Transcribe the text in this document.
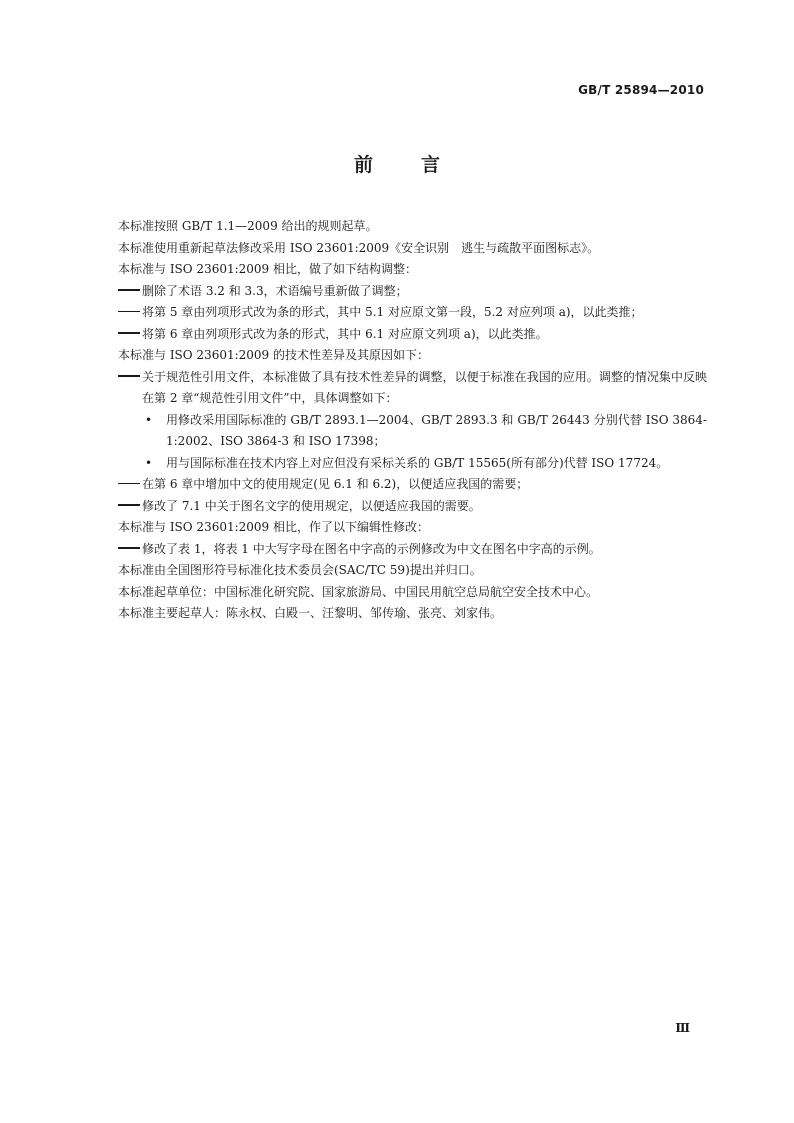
GB/T 25894—2010
前言

本标准按照 GB/T 1.1—2009 给出的规则起草。

本标准使用重新起草法修改采用 ISO 23601:2009《安全识别　逃生与疏散平面图标志》。

本标准与 ISO 23601:2009 相比，做了如下结构调整：

删除了术语 3.2 和 3.3，术语编号重新做了调整；

将第 5 章由列项形式改为条的形式，其中 5.1 对应原文第一段，5.2 对应列项 a)，以此类推；

将第 6 章由列项形式改为条的形式，其中 6.1 对应原文列项 a)，以此类推。

本标准与 ISO 23601:2009 的技术性差异及其原因如下：

关于规范性引用文件，本标准做了具有技术性差异的调整，以便于标准在我国的应用。调整的情况集中反映在第 2 章“规范性引用文件”中，具体调整如下：

• 用修改采用国际标准的 GB/T 2893.1—2004、GB/T 2893.3 和 GB/T 26443 分别代替 ISO 3864-1:2002、ISO 3864-3 和 ISO 17398；

• 用与国际标准在技术内容上对应但没有采标关系的 GB/T 15565(所有部分)代替 ISO 17724。

在第 6 章中增加中文的使用规定(见 6.1 和 6.2)，以便适应我国的需要；

修改了 7.1 中关于图名文字的使用规定，以便适应我国的需要。

本标准与 ISO 23601:2009 相比，作了以下编辑性修改：

修改了表 1，将表 1 中大写字母在图名中字高的示例修改为中文在图名中字高的示例。

本标准由全国图形符号标准化技术委员会(SAC/TC 59)提出并归口。

本标准起草单位：中国标准化研究院、国家旅游局、中国民用航空总局航空安全技术中心。

本标准主要起草人：陈永权、白殿一、汪黎明、邹传瑜、张亮、刘家伟。

Ⅲ
